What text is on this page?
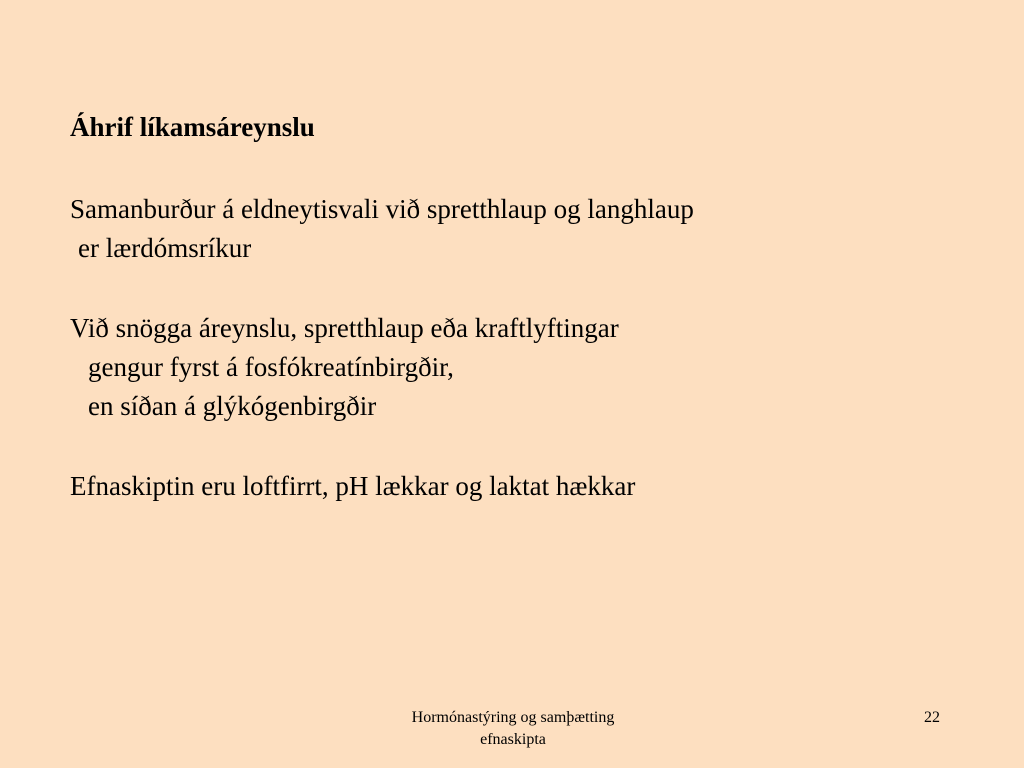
Áhrif líkamsáreynslu
Samanburður á eldneytisvali við spretthlaup og langhlaup
er lærdómsríkur
Við snögga áreynslu, spretthlaup eða kraftlyftingar
gengur fyrst á fosfókreatínbirgðir,
en síðan á glýkógenbirgðir
Efnaskiptin eru loftfirrt, pH lækkar og laktat hækkar
Hormónastýring og samþætting
efnaskipta
22
